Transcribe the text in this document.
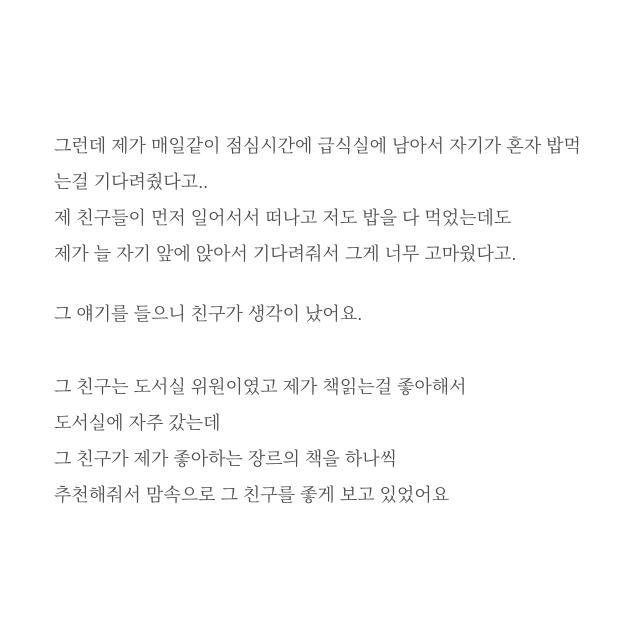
그런데 제가 매일같이 점심시간에 급식실에 남아서 자기가 혼자 밥먹
는걸 기다려줬다고..
제 친구들이 먼저 일어서서 떠나고 저도 밥을 다 먹었는데도
제가 늘 자기 앞에 앉아서 기다려줘서 그게 너무 고마웠다고.
그 얘기를 들으니 친구가 생각이 났어요.
그 친구는 도서실 위원이였고 제가 책읽는걸 좋아해서
도서실에 자주 갔는데
그 친구가 제가 좋아하는 장르의 책을 하나씩
추천해줘서 맘속으로 그 친구를 좋게 보고 있었어요
